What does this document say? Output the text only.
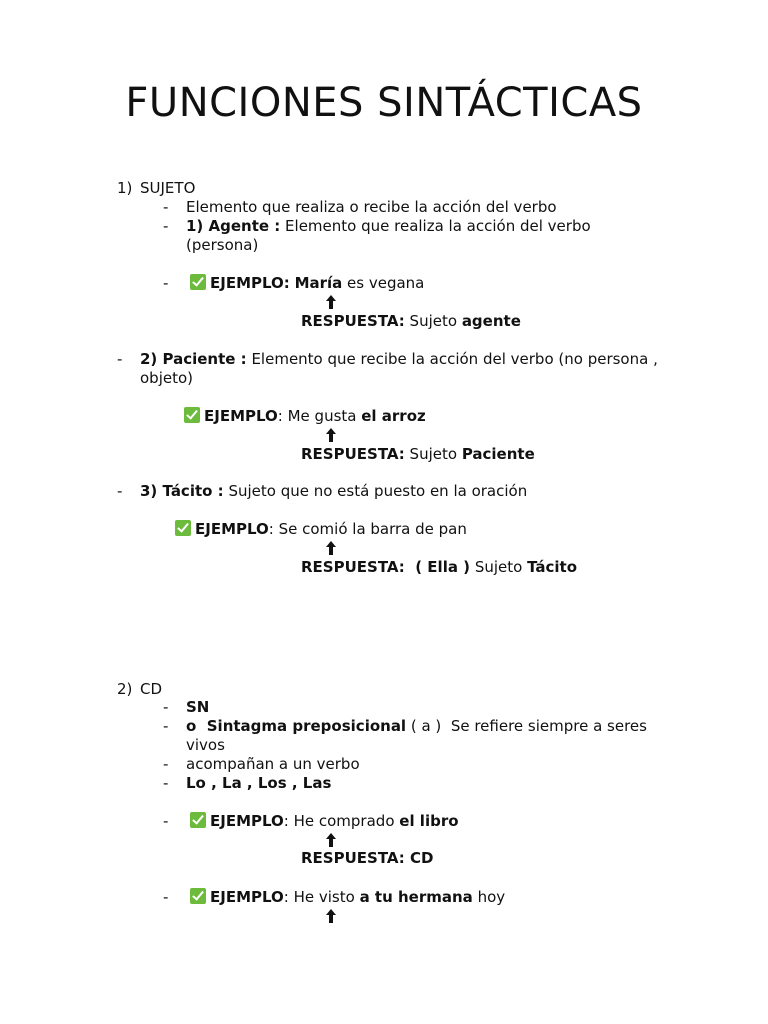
FUNCIONES SINTÁCTICAS
1) SUJETO
- Elemento que realiza o recibe la acción del verbo
- 1) Agente : Elemento que realiza la acción del verbo
(persona)
-	EJEMPLO: María es vegana
RESPUESTA: Sujeto agente
- 2) Paciente : Elemento que recibe la acción del verbo (no persona ,
objeto)
EJEMPLO: Me gusta el arroz
RESPUESTA: Sujeto Paciente
- 3) Tácito : Sujeto que no está puesto en la oración
EJEMPLO: Se comió la barra de pan
RESPUESTA:  ( Ella ) Sujeto Tácito
2) CD
- SN
- o  Sintagma preposicional ( a )  Se refiere siempre a seres
vivos
- acompañan a un verbo
- Lo , La , Los , Las
-	EJEMPLO: He comprado el libro
RESPUESTA: CD
-	EJEMPLO: He visto a tu hermana hoy
